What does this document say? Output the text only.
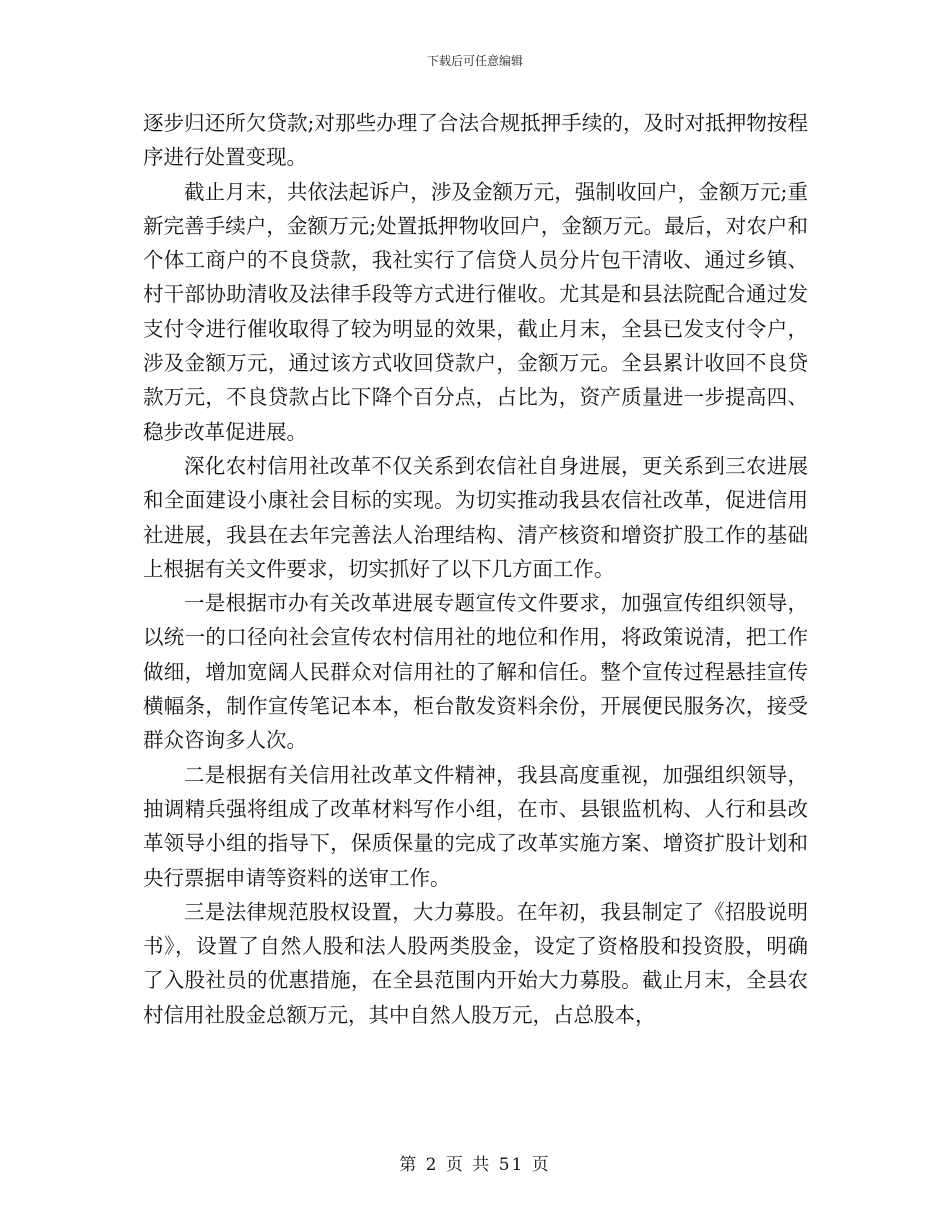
下载后可任意编辑

逐步归还所欠贷款;对那些办理了合法合规抵押手续的，及时对抵押物按程序进行处置变现。

截止月末，共依法起诉户，涉及金额万元，强制收回户，金额万元;重新完善手续户，金额万元;处置抵押物收回户，金额万元。最后，对农户和个体工商户的不良贷款，我社实行了信贷人员分片包干清收、通过乡镇、村干部协助清收及法律手段等方式进行催收。尤其是和县法院配合通过发支付令进行催收取得了较为明显的效果，截止月末，全县已发支付令户，涉及金额万元，通过该方式收回贷款户，金额万元。全县累计收回不良贷款万元，不良贷款占比下降个百分点，占比为，资产质量进一步提高四、稳步改革促进展。

深化农村信用社改革不仅关系到农信社自身进展，更关系到三农进展和全面建设小康社会目标的实现。为切实推动我县农信社改革，促进信用社进展，我县在去年完善法人治理结构、清产核资和增资扩股工作的基础上根据有关文件要求，切实抓好了以下几方面工作。

一是根据市办有关改革进展专题宣传文件要求，加强宣传组织领导，以统一的口径向社会宣传农村信用社的地位和作用，将政策说清，把工作做细，增加宽阔人民群众对信用社的了解和信任。整个宣传过程悬挂宣传横幅条，制作宣传笔记本本，柜台散发资料余份，开展便民服务次，接受群众咨询多人次。

二是根据有关信用社改革文件精神，我县高度重视，加强组织领导，抽调精兵强将组成了改革材料写作小组，在市、县银监机构、人行和县改革领导小组的指导下，保质保量的完成了改革实施方案、增资扩股计划和央行票据申请等资料的送审工作。

三是法律规范股权设置，大力募股。在年初，我县制定了《招股说明书》，设置了自然人股和法人股两类股金，设定了资格股和投资股，明确了入股社员的优惠措施，在全县范围内开始大力募股。截止月末，全县农村信用社股金总额万元，其中自然人股万元，占总股本，

第 2 页 共 51 页
